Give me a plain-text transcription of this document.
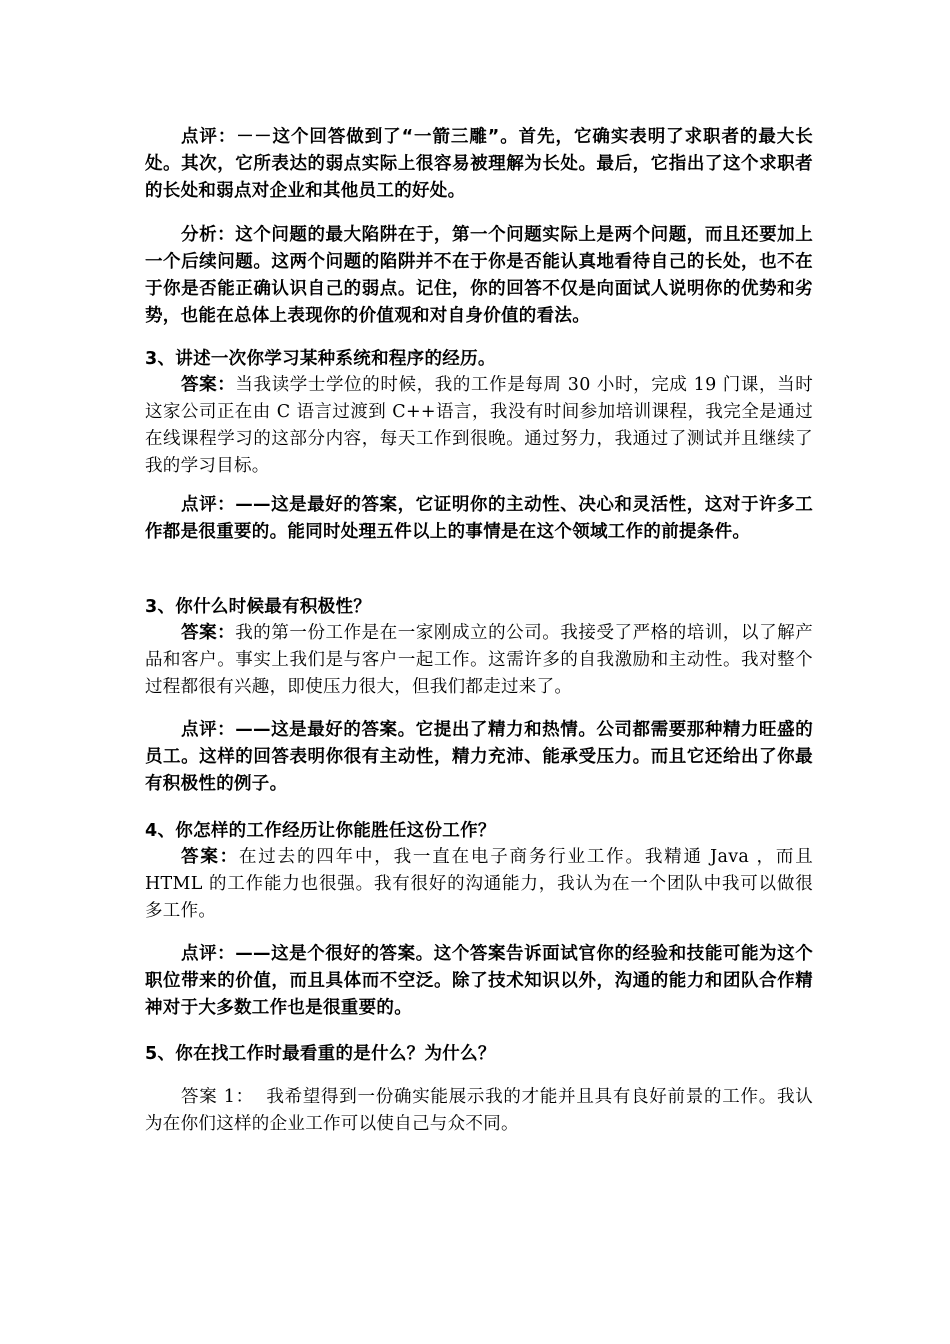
点评：－－这个回答做到了“一箭三雕”。首先，它确实表明了求职者的最大长处。其次，它所表达的弱点实际上很容易被理解为长处。最后，它指出了这个求职者的长处和弱点对企业和其他员工的好处。

分析：这个问题的最大陷阱在于，第一个问题实际上是两个问题，而且还要加上一个后续问题。这两个问题的陷阱并不在于你是否能认真地看待自己的长处，也不在于你是否能正确认识自己的弱点。记住，你的回答不仅是向面试人说明你的优势和劣势，也能在总体上表现你的价值观和对自身价值的看法。

3、讲述一次你学习某种系统和程序的经历。

答案：当我读学士学位的时候，我的工作是每周 30 小时，完成 19 门课，当时这家公司正在由 C 语言过渡到 C++语言，我没有时间参加培训课程，我完全是通过在线课程学习的这部分内容，每天工作到很晚。通过努力，我通过了测试并且继续了我的学习目标。

点评：——这是最好的答案，它证明你的主动性、决心和灵活性，这对于许多工作都是很重要的。能同时处理五件以上的事情是在这个领域工作的前提条件。

3、你什么时候最有积极性？

答案：我的第一份工作是在一家刚成立的公司。我接受了严格的培训，以了解产品和客户。事实上我们是与客户一起工作。这需许多的自我激励和主动性。我对整个过程都很有兴趣，即使压力很大，但我们都走过来了。

点评：——这是最好的答案。它提出了精力和热情。公司都需要那种精力旺盛的员工。这样的回答表明你很有主动性，精力充沛、能承受压力。而且它还给出了你最有积极性的例子。

4、你怎样的工作经历让你能胜任这份工作？

答案：在过去的四年中，我一直在电子商务行业工作。我精通 Java ，而且 HTML 的工作能力也很强。我有很好的沟通能力，我认为在一个团队中我可以做很多工作。

点评：——这是个很好的答案。这个答案告诉面试官你的经验和技能可能为这个职位带来的价值，而且具体而不空泛。除了技术知识以外，沟通的能力和团队合作精神对于大多数工作也是很重要的。

5、你在找工作时最看重的是什么？为什么？

答案 1： 我希望得到一份确实能展示我的才能并且具有良好前景的工作。我认为在你们这样的企业工作可以使自己与众不同。
